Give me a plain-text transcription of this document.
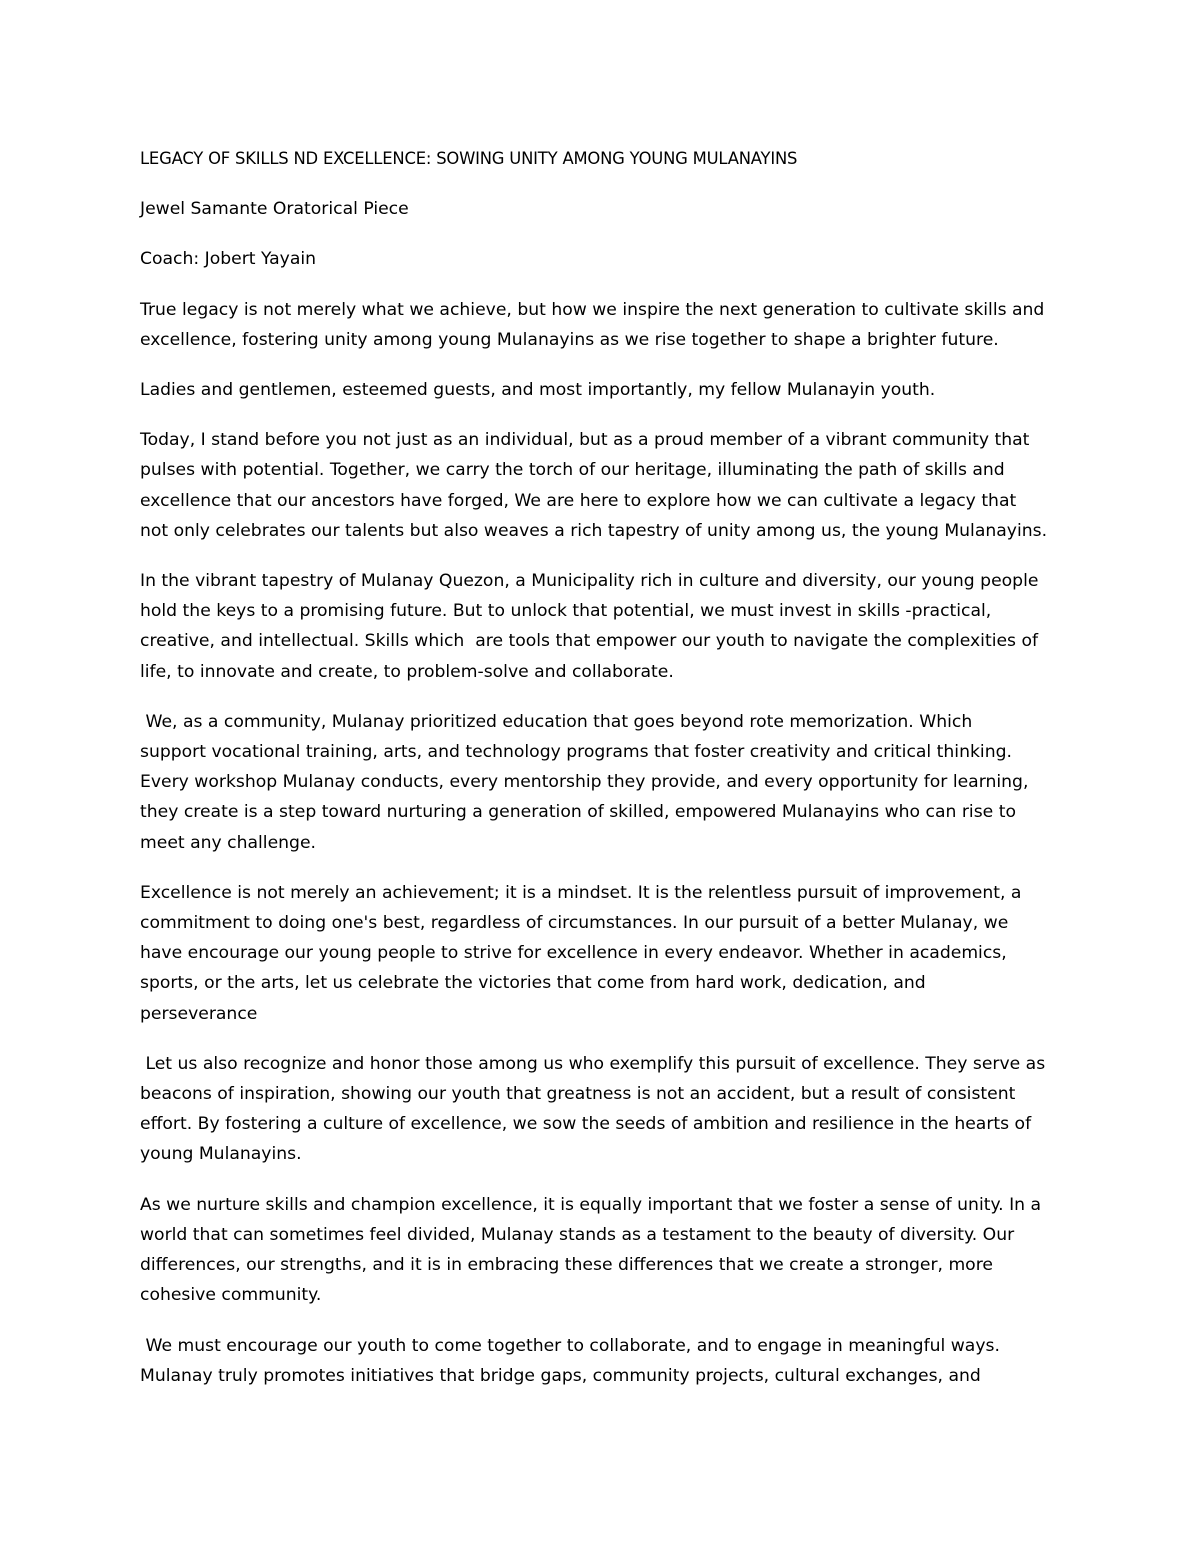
LEGACY OF SKILLS ND EXCELLENCE: SOWING UNITY AMONG YOUNG MULANAYINS

Jewel Samante Oratorical Piece

Coach: Jobert Yayain

True legacy is not merely what we achieve, but how we inspire the next generation to cultivate skills and
excellence, fostering unity among young Mulanayins as we rise together to shape a brighter future.

Ladies and gentlemen, esteemed guests, and most importantly, my fellow Mulanayin youth.

Today, I stand before you not just as an individual, but as a proud member of a vibrant community that
pulses with potential. Together, we carry the torch of our heritage, illuminating the path of skills and
excellence that our ancestors have forged, We are here to explore how we can cultivate a legacy that
not only celebrates our talents but also weaves a rich tapestry of unity among us, the young Mulanayins.

In the vibrant tapestry of Mulanay Quezon, a Municipality rich in culture and diversity, our young people
hold the keys to a promising future. But to unlock that potential, we must invest in skills -practical,
creative, and intellectual. Skills which  are tools that empower our youth to navigate the complexities of
life, to innovate and create, to problem-solve and collaborate.

We, as a community, Mulanay prioritized education that goes beyond rote memorization. Which
support vocational training, arts, and technology programs that foster creativity and critical thinking.
Every workshop Mulanay conducts, every mentorship they provide, and every opportunity for learning,
they create is a step toward nurturing a generation of skilled, empowered Mulanayins who can rise to
meet any challenge.

Excellence is not merely an achievement; it is a mindset. It is the relentless pursuit of improvement, a
commitment to doing one's best, regardless of circumstances. In our pursuit of a better Mulanay, we
have encourage our young people to strive for excellence in every endeavor. Whether in academics,
sports, or the arts, let us celebrate the victories that come from hard work, dedication, and
perseverance

Let us also recognize and honor those among us who exemplify this pursuit of excellence. They serve as
beacons of inspiration, showing our youth that greatness is not an accident, but a result of consistent
effort. By fostering a culture of excellence, we sow the seeds of ambition and resilience in the hearts of
young Mulanayins.

As we nurture skills and champion excellence, it is equally important that we foster a sense of unity. In a
world that can sometimes feel divided, Mulanay stands as a testament to the beauty of diversity. Our
differences, our strengths, and it is in embracing these differences that we create a stronger, more
cohesive community.

We must encourage our youth to come together to collaborate, and to engage in meaningful ways.
Mulanay truly promotes initiatives that bridge gaps, community projects, cultural exchanges, and
